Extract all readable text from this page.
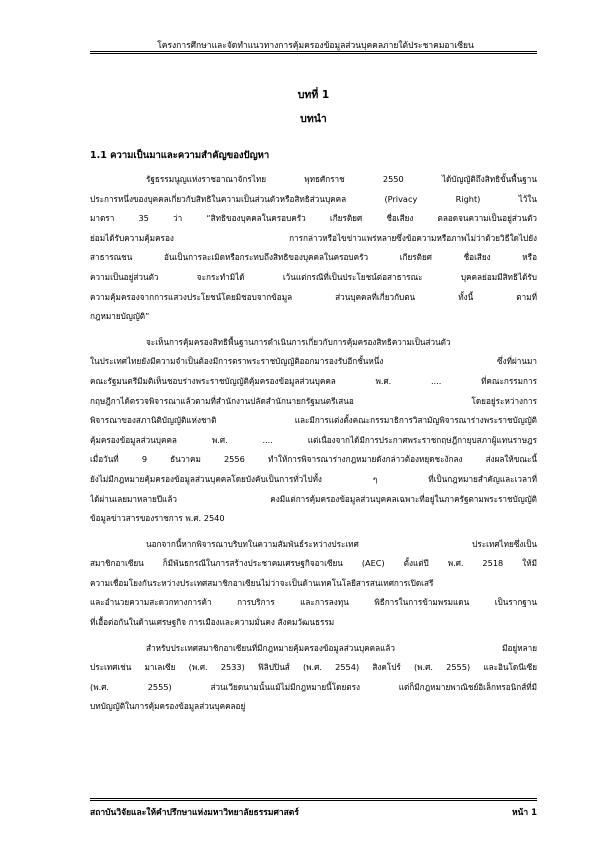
โครงการศึกษาและจัดทำแนวทางการคุ้มครองข้อมูลส่วนบุคคลภายใต้ประชาคมอาเซียน
บทที่ 1
บทนำ
1.1 ความเป็นมาและความสำคัญของปัญหา
รัฐธรรมนูญแห่งราชอาณาจักรไทย พุทธศักราช 2550 ได้บัญญัติถึงสิทธิขั้นพื้นฐาน
ประการหนึ่งของบุคคลเกี่ยวกับสิทธิในความเป็นส่วนตัวหรือสิทธิส่วนบุคคล (Privacy Right) ไว้ใน
มาตรา 35 ว่า “สิทธิของบุคคลในครอบครัว เกียรติยศ ชื่อเสียง ตลอดจนความเป็นอยู่ส่วนตัว
ย่อมได้รับความคุ้มครอง การกล่าวหรือไขข่าวแพร่หลายซึ่งข้อความหรือภาพไม่ว่าด้วยวิธีใดไปยัง
สาธารณชน อันเป็นการละเมิดหรือกระทบถึงสิทธิของบุคคลในครอบครัว เกียรติยศ ชื่อเสียง หรือ
ความเป็นอยู่ส่วนตัว จะกระทำมิได้ เว้นแต่กรณีที่เป็นประโยชน์ต่อสาธารณะ บุคคลย่อมมีสิทธิได้รับ
ความคุ้มครองจากการแสวงประโยชน์โดยมิชอบจากข้อมูล ส่วนบุคคลที่เกี่ยวกับตน ทั้งนี้ ตามที่
กฎหมายบัญญัติ”
จะเห็นการคุ้มครองสิทธิพื้นฐานการดำเนินการเกี่ยวกับการคุ้มครองสิทธิความเป็นส่วนตัว
ในประเทศไทยยังมีความจำเป็นต้องมีการตราพระราชบัญญัติออกมารองรับอีกชั้นหนึ่ง ซึ่งที่ผ่านมา
คณะรัฐมนตรีมีมติเห็นชอบร่างพระราชบัญญัติคุ้มครองข้อมูลส่วนบุคคล พ.ศ. .... ที่คณะกรรมการ
กฤษฎีกาได้ตรวจพิจารณาแล้วตามที่สำนักงานปลัดสำนักนายกรัฐมนตรีเสนอ โดยอยู่ระหว่างการ
พิจารณาของสภานิติบัญญัติแห่งชาติ และมีการแต่งตั้งคณะกรรมาธิการวิสามัญพิจารณาร่างพระราชบัญญัติ
คุ้มครองข้อมูลส่วนบุคคล พ.ศ. .... แต่เนื่องจากได้มีการประกาศพระราชกฤษฎีกายุบสภาผู้แทนราษฎร
เมื่อวันที่ 9 ธันวาคม 2556 ทำให้การพิจารณาร่างกฎหมายดังกล่าวต้องหยุดชะงักลง ส่งผลให้ขณะนี้
ยังไม่มีกฎหมายคุ้มครองข้อมูลส่วนบุคคลโดยบังคับเป็นการทั่วไปทั้ง ๆ ที่เป็นกฎหมายสำคัญและเวลาที่
ได้ผ่านเลยมาหลายปีแล้ว คงมีแต่การคุ้มครองข้อมูลส่วนบุคคลเฉพาะที่อยู่ในภาครัฐตามพระราชบัญญัติ
ข้อมูลข่าวสารของราชการ พ.ศ. 2540
นอกจากนี้หากพิจารณาบริบทในความสัมพันธ์ระหว่างประเทศ ประเทศไทยซึ่งเป็น
สมาชิกอาเซียน ก็มีพันธกรณีในการสร้างประชาคมเศรษฐกิจอาเซียน (AEC) ตั้งแต่ปี พ.ศ. 2518 ให้มี
ความเชื่อมโยงกันระหว่างประเทศสมาชิกอาเซียนไม่ว่าจะเป็นด้านเทคโนโลยีสารสนเทศการเปิดเสรี
และอำนวยความสะดวกทางการค้า การบริการ และการลงทุน พิธีการในการข้ามพรมแดน เป็นรากฐาน
ที่เอื้อต่อกันในด้านเศรษฐกิจ การเมืองและความมั่นคง สังคมวัฒนธรรม
สำหรับประเทศสมาชิกอาเซียนที่มีกฎหมายคุ้มครองข้อมูลส่วนบุคคลแล้ว มีอยู่หลาย
ประเทศเช่น มาเลเซีย (พ.ศ. 2533) ฟิลิปปินส์ (พ.ศ. 2554) สิงคโปร์ (พ.ศ. 2555) และอินโดนีเซีย
(พ.ศ. 2555) ส่วนเวียดนามนั้นแม้ไม่มีกฎหมายนี้โดยตรง แต่ก็มีกฎหมายพาณิชย์อิเล็กทรอนิกส์ที่มี
บทบัญญัติในการคุ้มครองข้อมูลส่วนบุคคลอยู่
สถาบันวิจัยและให้คำปรึกษาแห่งมหาวิทยาลัยธรรมศาสตร์	หน้า 1
